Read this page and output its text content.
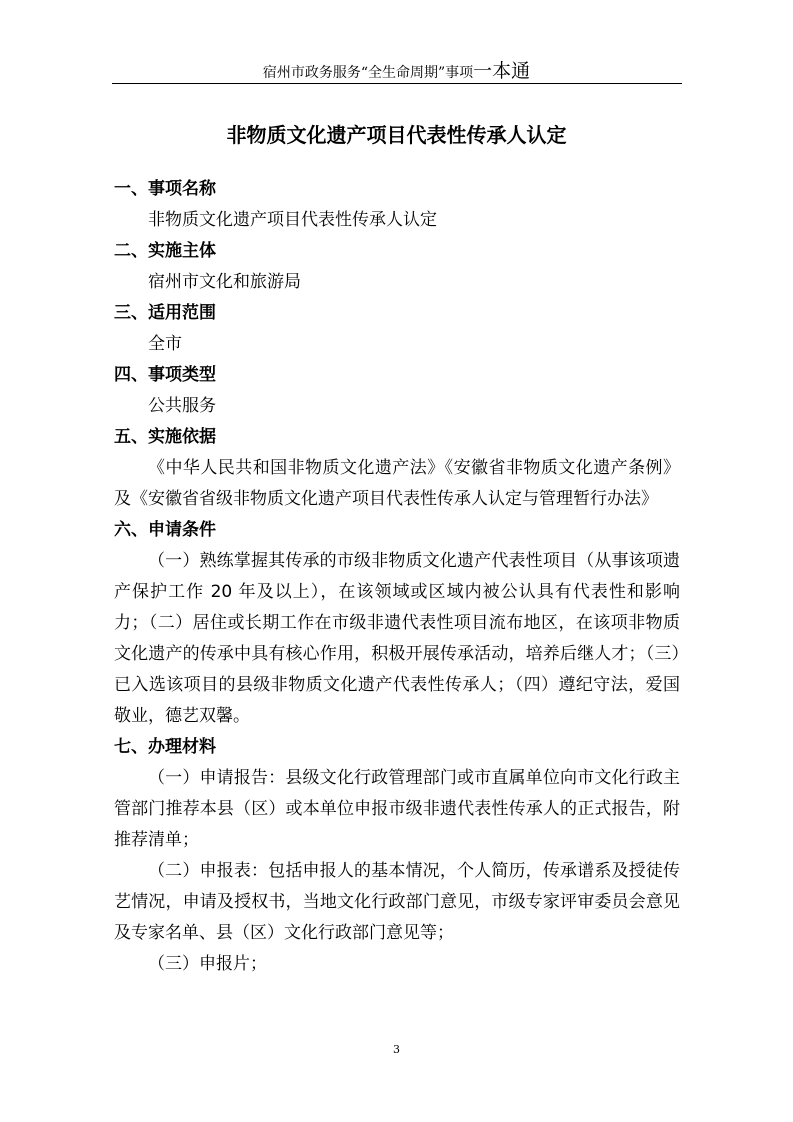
宿州市政务服务“全生命周期”事项一本通
非物质文化遗产项目代表性传承人认定
一、事项名称

非物质文化遗产项目代表性传承人认定

二、实施主体

宿州市文化和旅游局

三、适用范围

全市

四、事项类型

公共服务

五、实施依据

《中华人民共和国非物质文化遗产法》《安徽省非物质文化遗产条例》及《安徽省省级非物质文化遗产项目代表性传承人认定与管理暂行办法》

六、申请条件

（一）熟练掌握其传承的市级非物质文化遗产代表性项目（从事该项遗产保护工作 20 年及以上），在该领域或区域内被公认具有代表性和影响力；（二）居住或长期工作在市级非遗代表性项目流布地区，在该项非物质文化遗产的传承中具有核心作用，积极开展传承活动，培养后继人才；（三）已入选该项目的县级非物质文化遗产代表性传承人；（四）遵纪守法，爱国敬业，德艺双馨。

七、办理材料

（一）申请报告：县级文化行政管理部门或市直属单位向市文化行政主管部门推荐本县（区）或本单位申报市级非遗代表性传承人的正式报告，附推荐清单；

（二）申报表：包括申报人的基本情况，个人简历，传承谱系及授徒传艺情况，申请及授权书，当地文化行政部门意见，市级专家评审委员会意见及专家名单、县（区）文化行政部门意见等；

（三）申报片；

3
